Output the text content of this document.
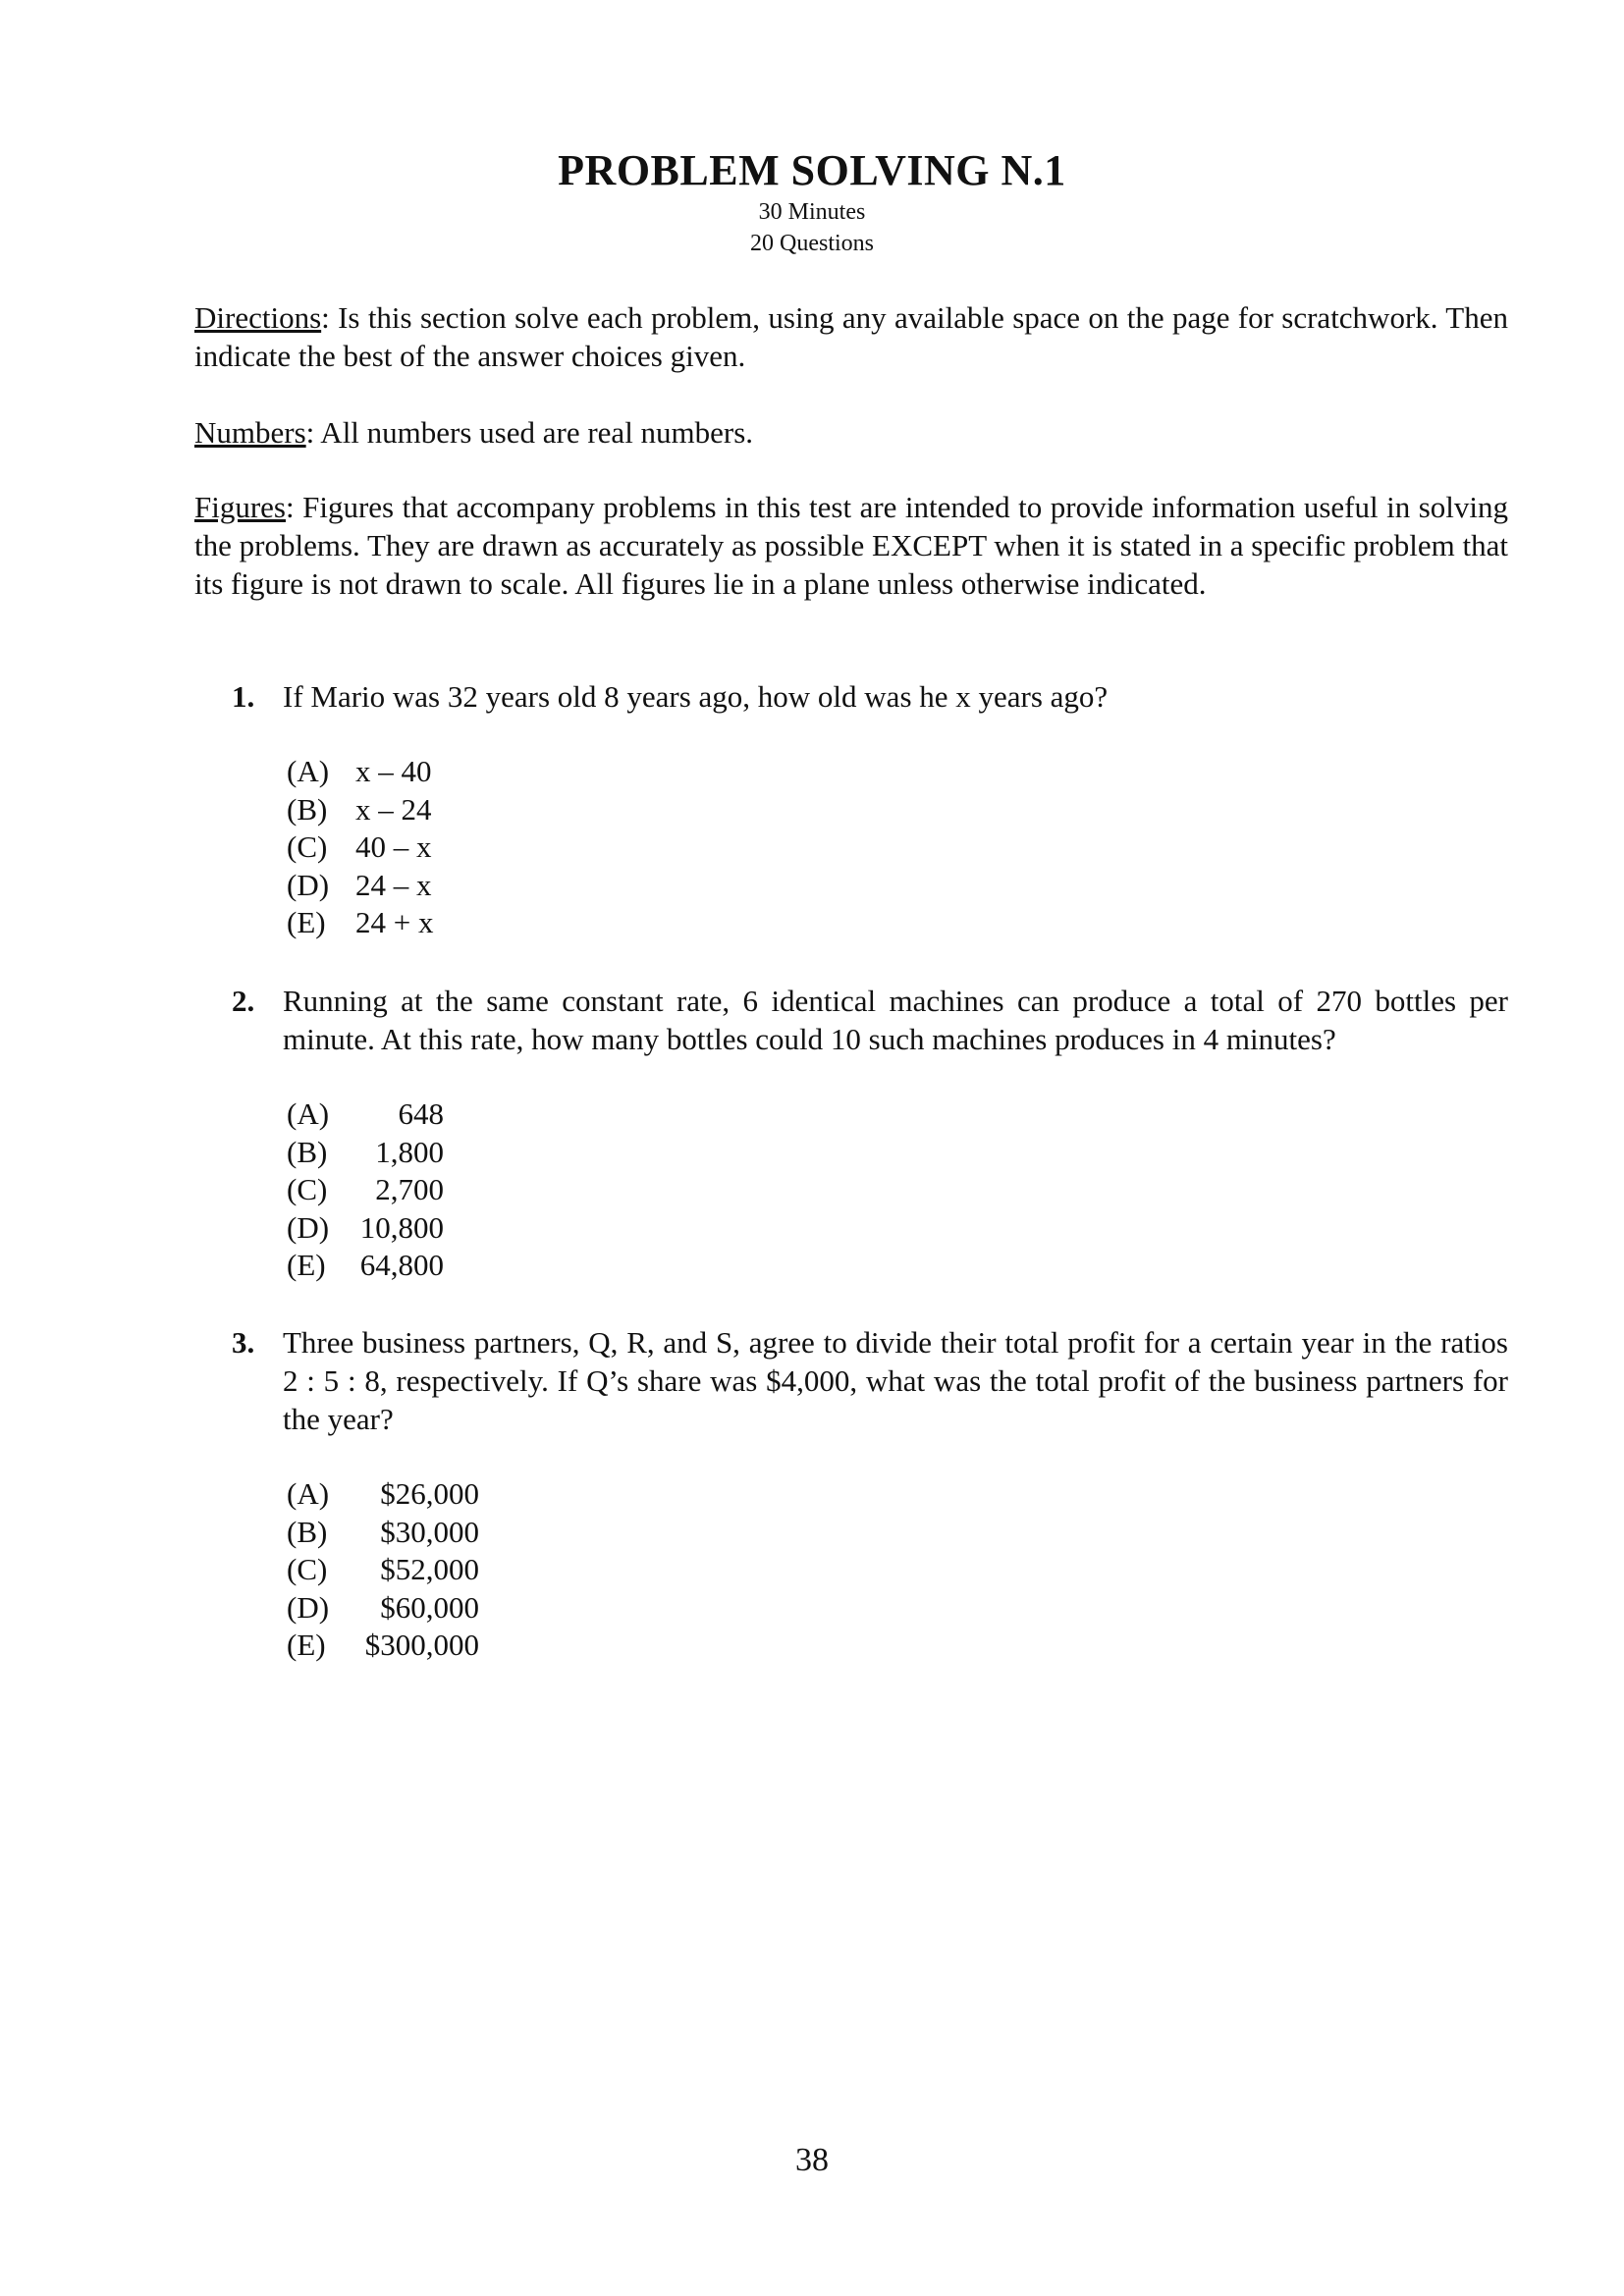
PROBLEM SOLVING N.1
30 Minutes
20 Questions
Directions: Is this section solve each problem, using any available space on the page for scratchwork. Then indicate the best of the answer choices given.
Numbers: All numbers used are real numbers.
Figures: Figures that accompany problems in this test are intended to provide information useful in solving the problems. They are drawn as accurately as possible EXCEPT when it is stated in a specific problem that its figure is not drawn to scale. All figures lie in a plane unless otherwise indicated.
1. If Mario was 32 years old 8 years ago, how old was he x years ago?
(A) x – 40
(B) x – 24
(C) 40 – x
(D) 24 – x
(E) 24 + x
2. Running at the same constant rate, 6 identical machines can produce a total of 270 bottles per minute. At this rate, how many bottles could 10 such machines produces in 4 minutes?
(A)	648
(B)	1,800
(C)	2,700
(D)	10,800
(E)	64,800
3. Three business partners, Q, R, and S, agree to divide their total profit for a certain year in the ratios 2 : 5 : 8, respectively. If Q’s share was $4,000, what was the total profit of the business partners for the year?
(A)	$26,000
(B)	$30,000
(C)	$52,000
(D)	$60,000
(E)	$300,000
38
